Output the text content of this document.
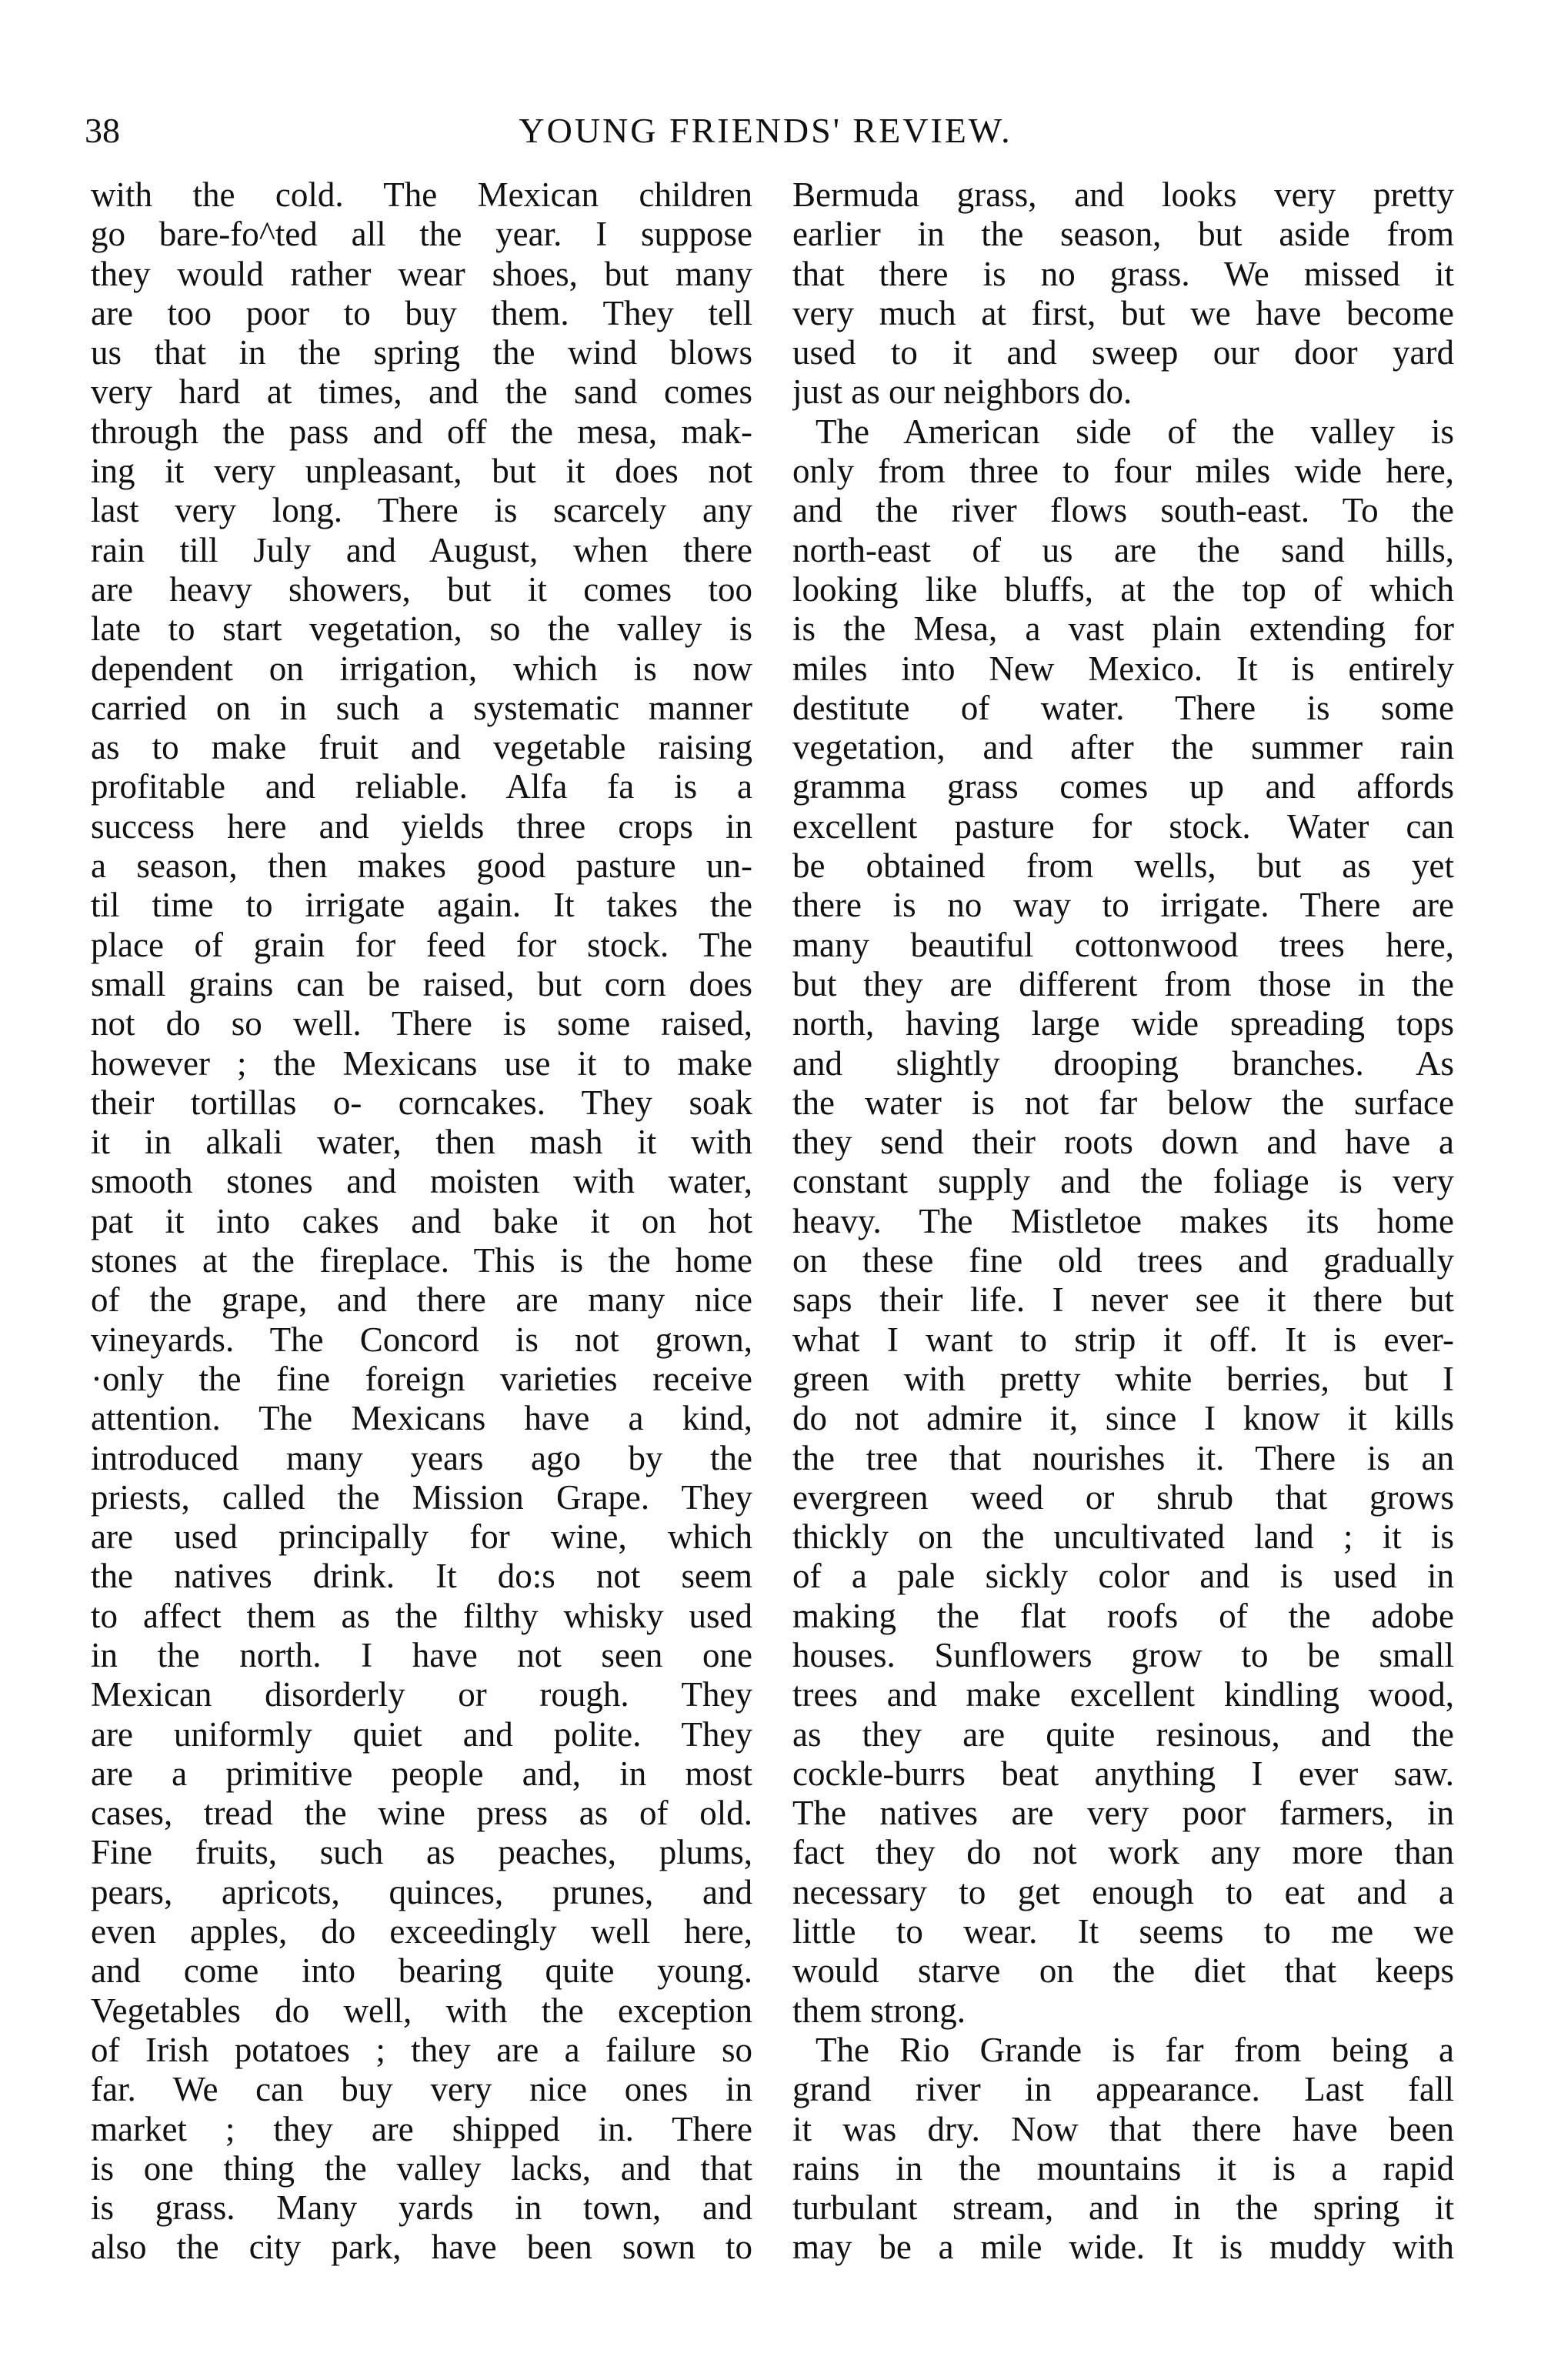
38	YOUNG FRIENDS' REVIEW.
with the cold. The Mexican children
go bare-fo^ted all the year. I suppose
they would rather wear shoes, but many
are too poor to buy them. They tell
us that in the spring the wind blows
very hard at times, and the sand comes
through the pass and off the mesa, mak-
ing it very unpleasant, but it does not
last very long. There is scarcely any
rain till July and August, when there
are heavy showers, but it comes too
late to start vegetation, so the valley is
dependent on irrigation, which is now
carried on in such a systematic manner
as to make fruit and vegetable raising
profitable and reliable. Alfa fa is a
success here and yields three crops in
a season, then makes good pasture un-
til time to irrigate again. It takes the
place of grain for feed for stock. The
small grains can be raised, but corn does
not do so well. There is some raised,
however ; the Mexicans use it to make
their tortillas o- corncakes. They soak
it in alkali water, then mash it with
smooth stones and moisten with water,
pat it into cakes and bake it on hot
stones at the fireplace. This is the home
of the grape, and there are many nice
vineyards. The Concord is not grown,
·only the fine foreign varieties receive
attention. The Mexicans have a kind,
introduced many years ago by the
priests, called the Mission Grape. They
are used principally for wine, which
the natives drink. It do:s not seem
to affect them as the filthy whisky used
in the north. I have not seen one
Mexican disorderly or rough. They
are uniformly quiet and polite. They
are a primitive people and, in most
cases, tread the wine press as of old.
Fine fruits, such as peaches, plums,
pears, apricots, quinces, prunes, and
even apples, do exceedingly well here,
and come into bearing quite young.
Vegetables do well, with the exception
of Irish potatoes ; they are a failure so
far. We can buy very nice ones in
market ; they are shipped in. There
is one thing the valley lacks, and that
is grass. Many yards in town, and
also the city park, have been sown to
Bermuda grass, and looks very pretty
earlier in the season, but aside from
that there is no grass. We missed it
very much at first, but we have become
used to it and sweep our door yard
just as our neighbors do.
The American side of the valley is
only from three to four miles wide here,
and the river flows south-east. To the
north-east of us are the sand hills,
looking like bluffs, at the top of which
is the Mesa, a vast plain extending for
miles into New Mexico. It is entirely
destitute of water. There is some
vegetation, and after the summer rain
gramma grass comes up and affords
excellent pasture for stock. Water can
be obtained from wells, but as yet
there is no way to irrigate. There are
many beautiful cottonwood trees here,
but they are different from those in the
north, having large wide spreading tops
and slightly drooping branches. As
the water is not far below the surface
they send their roots down and have a
constant supply and the foliage is very
heavy. The Mistletoe makes its home
on these fine old trees and gradually
saps their life. I never see it there but
what I want to strip it off. It is ever-
green with pretty white berries, but I
do not admire it, since I know it kills
the tree that nourishes it. There is an
evergreen weed or shrub that grows
thickly on the uncultivated land ; it is
of a pale sickly color and is used in
making the flat roofs of the adobe
houses. Sunflowers grow to be small
trees and make excellent kindling wood,
as they are quite resinous, and the
cockle-burrs beat anything I ever saw.
The natives are very poor farmers, in
fact they do not work any more than
necessary to get enough to eat and a
little to wear. It seems to me we
would starve on the diet that keeps
them strong.
The Rio Grande is far from being a
grand river in appearance. Last fall
it was dry. Now that there have been
rains in the mountains it is a rapid
turbulant stream, and in the spring it
may be a mile wide. It is muddy with
